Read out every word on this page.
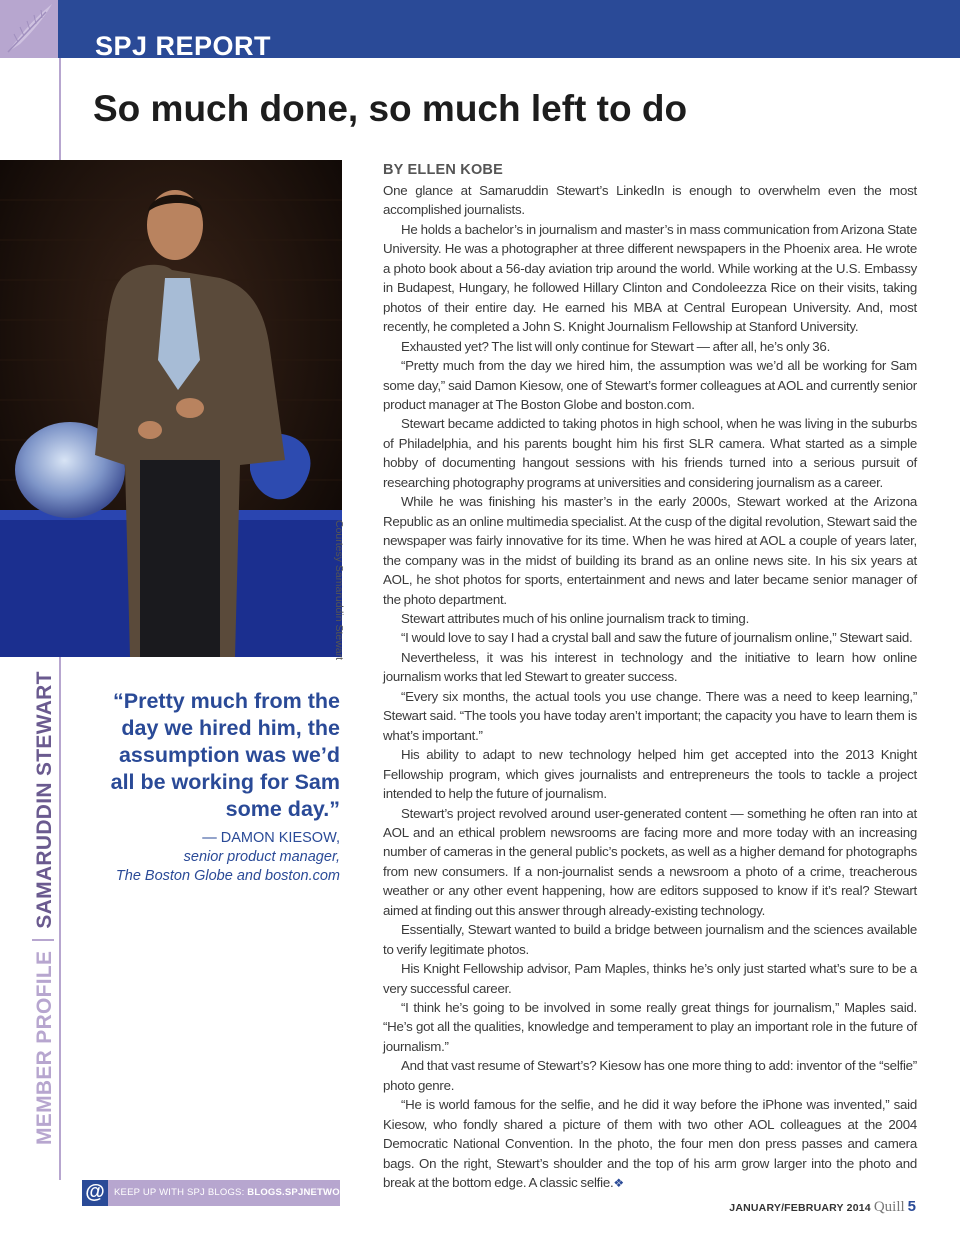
SPJ REPORT
So much done, so much left to do
MEMBER PROFILESAMARUDDIN STEWART
Courtesy Samaruddin Stewart
“Pretty much from the day we hired him, the assumption was we’d all be working for Sam some day.”
— DAMON KIESOW,
senior product manager,
The Boston Globe and boston.com
BY ELLEN KOBE

One glance at Samaruddin Stewart’s LinkedIn is enough to overwhelm even the most accomplished journalists.

He holds a bachelor’s in journalism and master’s in mass communication from Arizona State University. He was a photographer at three different newspapers in the Phoenix area. He wrote a photo book about a 56-day aviation trip around the world. While working at the U.S. Embassy in Budapest, Hungary, he followed Hillary Clinton and Condoleezza Rice on their visits, taking photos of their entire day. He earned his MBA at Central European University. And, most recently, he completed a John S. Knight Journalism Fellowship at Stanford University.

Exhausted yet? The list will only continue for Stewart — after all, he’s only 36.

“Pretty much from the day we hired him, the assumption was we’d all be working for Sam some day,” said Damon Kiesow, one of Stewart’s former colleagues at AOL and currently senior product manager at The Boston Globe and boston.com.

Stewart became addicted to taking photos in high school, when he was living in the suburbs of Philadelphia, and his parents bought him his first SLR camera. What started as a simple hobby of documenting hangout sessions with his friends turned into a serious pursuit of researching photography programs at universities and considering journalism as a career.

While he was finishing his master’s in the early 2000s, Stewart worked at the Arizona Republic as an online multimedia specialist. At the cusp of the digital revolution, Stewart said the newspaper was fairly innovative for its time. When he was hired at AOL a couple of years later, the company was in the midst of building its brand as an online news site. In his six years at AOL, he shot photos for sports, entertainment and news and later became senior manager of the photo department.

Stewart attributes much of his online journalism track to timing.

“I would love to say I had a crystal ball and saw the future of journalism online,” Stewart said.

Nevertheless, it was his interest in technology and the initiative to learn how online journalism works that led Stewart to greater success.

“Every six months, the actual tools you use change. There was a need to keep learning,” Stewart said. “The tools you have today aren’t important; the capacity you have to learn them is what’s important.”

His ability to adapt to new technology helped him get accepted into the 2013 Knight Fellowship program, which gives journalists and entrepreneurs the tools to tackle a project intended to help the future of journalism.

Stewart’s project revolved around user-generated content — something he often ran into at AOL and an ethical problem newsrooms are facing more and more today with an increasing number of cameras in the general public’s pockets, as well as a higher demand for photographs from new consumers. If a non-journalist sends a newsroom a photo of a crime, treacherous weather or any other event happening, how are editors supposed to know if it’s real? Stewart aimed at finding out this answer through already-existing technology.

Essentially, Stewart wanted to build a bridge between journalism and the sciences available to verify legitimate photos.

His Knight Fellowship advisor, Pam Maples, thinks he’s only just started what’s sure to be a very successful career.

“I think he’s going to be involved in some really great things for journalism,” Maples said. “He’s got all the qualities, knowledge and temperament to play an important role in the future of journalism.”

And that vast resume of Stewart’s? Kiesow has one more thing to add: inventor of the “selfie” photo genre.

“He is world famous for the selfie, and he did it way before the iPhone was invented,” said Kiesow, who fondly shared a picture of them with two other AOL colleagues at the 2004 Democratic National Convention. In the photo, the four men don press passes and camera bags. On the right, Stewart’s shoulder and the top of his arm grow larger into the photo and break at the bottom edge. A classic selfie.❖

@ KEEP UP WITH SPJ BLOGS: BLOGS.SPJNETWORK.ORG
JANUARY/FEBRUARY 2014 Quill 5
